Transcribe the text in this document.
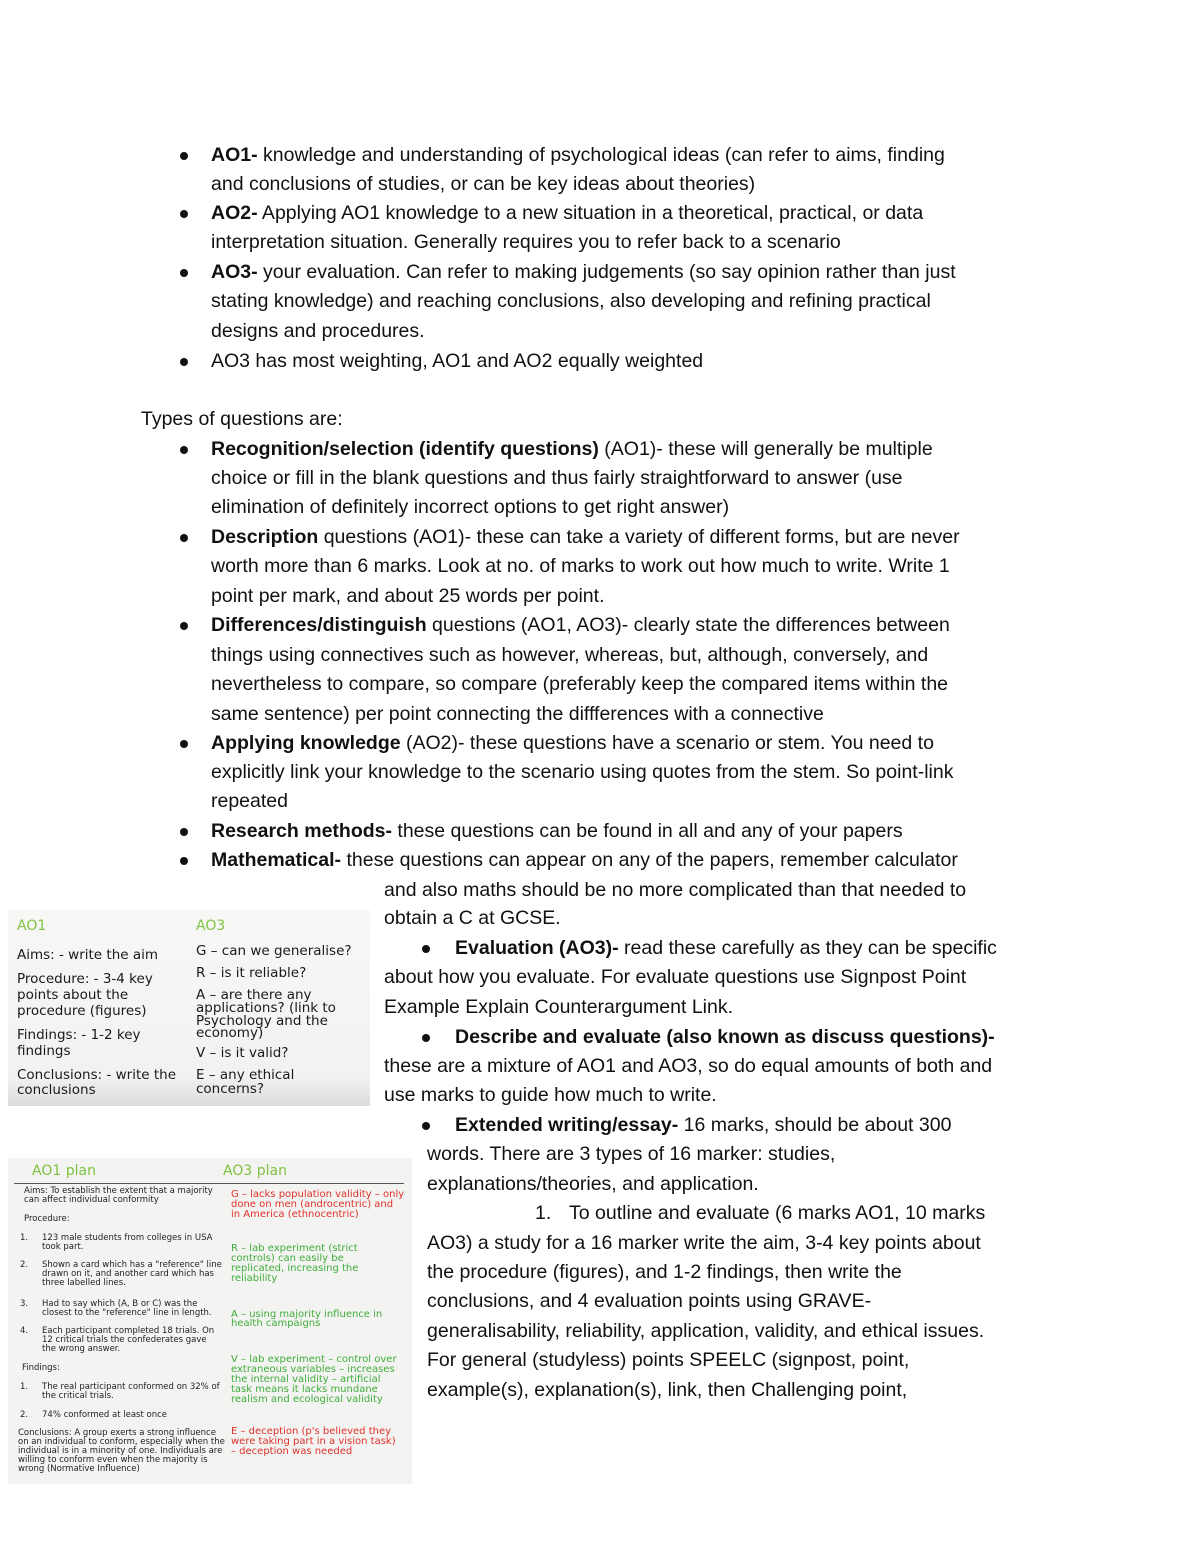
AO1- knowledge and understanding of psychological ideas (can refer to aims, finding
and conclusions of studies, or can be key ideas about theories)
AO2- Applying AO1 knowledge to a new situation in a theoretical, practical, or data
interpretation situation. Generally requires you to refer back to a scenario
AO3- your evaluation. Can refer to making judgements (so say opinion rather than just
stating knowledge) and reaching conclusions, also developing and refining practical
designs and procedures.
AO3 has most weighting, AO1 and AO2 equally weighted
Types of questions are:
Recognition/selection (identify questions) (AO1)- these will generally be multiple
choice or fill in the blank questions and thus fairly straightforward to answer (use
elimination of definitely incorrect options to get right answer)
Description questions (AO1)- these can take a variety of different forms, but are never
worth more than 6 marks. Look at no. of marks to work out how much to write. Write 1
point per mark, and about 25 words per point.
Differences/distinguish questions (AO1, AO3)- clearly state the differences between
things using connectives such as however, whereas, but, although, conversely, and
nevertheless to compare, so compare (preferably keep the compared items within the
same sentence) per point connecting the diffferences with a connective
Applying knowledge (AO2)- these questions have a scenario or stem. You need to
explicitly link your knowledge to the scenario using quotes from the stem. So point-link
repeated
Research methods- these questions can be found in all and any of your papers
Mathematical- these questions can appear on any of the papers, remember calculator
and also maths should be no more complicated than that needed to
obtain a C at GCSE.
Evaluation (AO3)- read these carefully as they can be specific
about how you evaluate. For evaluate questions use Signpost Point
Example Explain Counterargument Link.
Describe and evaluate (also known as discuss questions)-
these are a mixture of AO1 and AO3, so do equal amounts of both and
use marks to guide how much to write.
Extended writing/essay- 16 marks, should be about 300
words. There are 3 types of 16 marker: studies,
explanations/theories, and application.
1. To outline and evaluate (6 marks AO1, 10 marks
AO3) a study for a 16 marker write the aim, 3-4 key points about
the procedure (figures), and 1-2 findings, then write the
conclusions, and 4 evaluation points using GRAVE-
generalisability, reliability, application, validity, and ethical issues.
For general (studyless) points SPEELC (signpost, point,
example(s), explanation(s), link, then Challenging point,
AO1	AO3
Aims: - write the aim
Procedure: - 3-4 key
points about the
procedure (figures)
Findings: - 1-2 key
findings
Conclusions: - write the
conclusions
G – can we generalise?
R – is it reliable?
A – are there any
applications? (link to
Psychology and the
economy)
V – is it valid?
E – any ethical
concerns?
AO1 plan	AO3 plan
Aims: To establish the extent that a majority
can affect individual conformity
Procedure:
1. 123 male students from colleges in USA
took part.
2. Shown a card which has a "reference" line
drawn on it, and another card which has
three labelled lines.
3. Had to say which (A, B or C) was the
closest to the "reference" line in length.
4. Each participant completed 18 trials. On
12 critical trials the confederates gave
the wrong answer.
Findings:
1. The real participant conformed on 32% of
the critical trials.
2. 74% conformed at least once
Conclusions: A group exerts a strong influence
on an individual to conform, especially when the
individual is in a minority of one. Individuals are
willing to conform even when the majority is
wrong (Normative Influence)
G – lacks population validity – only
done on men (androcentric) and
in America (ethnocentric)
R – lab experiment (strict
controls) can easily be
replicated, increasing the
reliability
A – using majority influence in
health campaigns
V – lab experiment – control over
extraneous variables – increases
the internal validity – artificial
task means it lacks mundane
realism and ecological validity
E – deception (p's believed they
were taking part in a vision task)
– deception was needed
